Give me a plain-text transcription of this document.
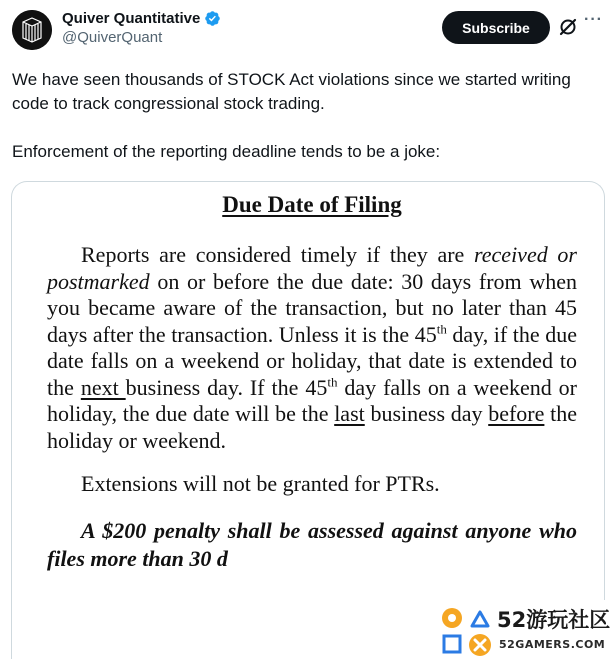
Quiver Quantitative
@QuiverQuant
Subscribe	···

We have seen thousands of STOCK Act violations since we started writing code to track congressional stock trading.

Enforcement of the reporting deadline tends to be a joke:

Due Date of Filing
Reports are considered timely if they are received or postmarked on or before the due date: 30 days from when you became aware of the transaction, but no later than 45 days after the transaction. Unless it is the 45th day, if the due date falls on a weekend or holiday, that date is extended to the next business day. If the 45th day falls on a weekend or holiday, the due date will be the last business day before the holiday or weekend.
Extensions will not be granted for PTRs.
A $200 penalty shall be assessed against anyone who files more than 30 d
52游玩社区
52GAMERS.COM
